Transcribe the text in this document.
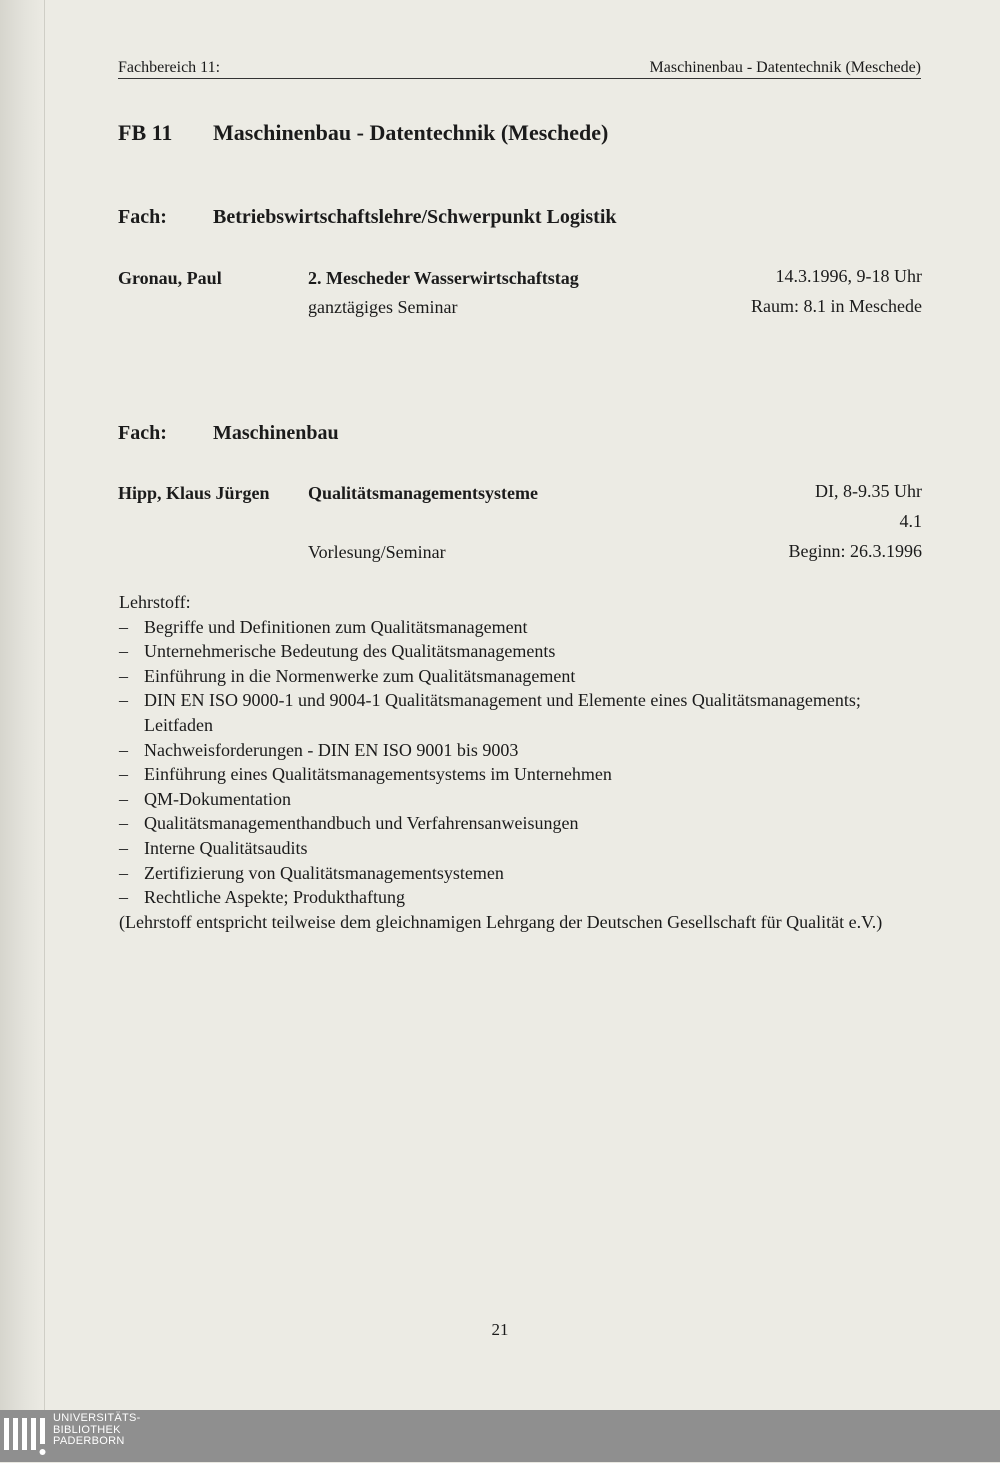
Fachbereich 11:	Maschinenbau - Datentechnik (Meschede)
FB 11 Maschinenbau - Datentechnik (Meschede)
Fach: Betriebswirtschaftslehre/Schwerpunkt Logistik
Gronau, Paul	2. Mescheder Wasserwirtschaftstag	14.3.1996, 9-18 Uhr
ganztägiges Seminar	Raum: 8.1 in Meschede
Fach: Maschinenbau
Hipp, Klaus Jürgen Qualitätsmanagementsysteme	DI, 8-9.35 Uhr
4.1
Vorlesung/Seminar	Beginn: 26.3.1996
Lehrstoff:
– Begriffe und Definitionen zum Qualitätsmanagement
– Unternehmerische Bedeutung des Qualitätsmanagements
– Einführung in die Normenwerke zum Qualitätsmanagement
– DIN EN ISO 9000-1 und 9004-1 Qualitätsmanagement und Elemente eines Qualitätsmanagements; Leitfaden
– Nachweisforderungen - DIN EN ISO 9001 bis 9003
– Einführung eines Qualitätsmanagementsystems im Unternehmen
– QM-Dokumentation
– Qualitätsmanagementhandbuch und Verfahrensanweisungen
– Interne Qualitätsaudits
– Zertifizierung von Qualitätsmanagementsystemen
– Rechtliche Aspekte; Produkthaftung
(Lehrstoff entspricht teilweise dem gleichnamigen Lehrgang der Deutschen Gesellschaft für Qualität e.V.)
21
UNIVERSITÄTS-
BIBLIOTHEK
PADERBORN
